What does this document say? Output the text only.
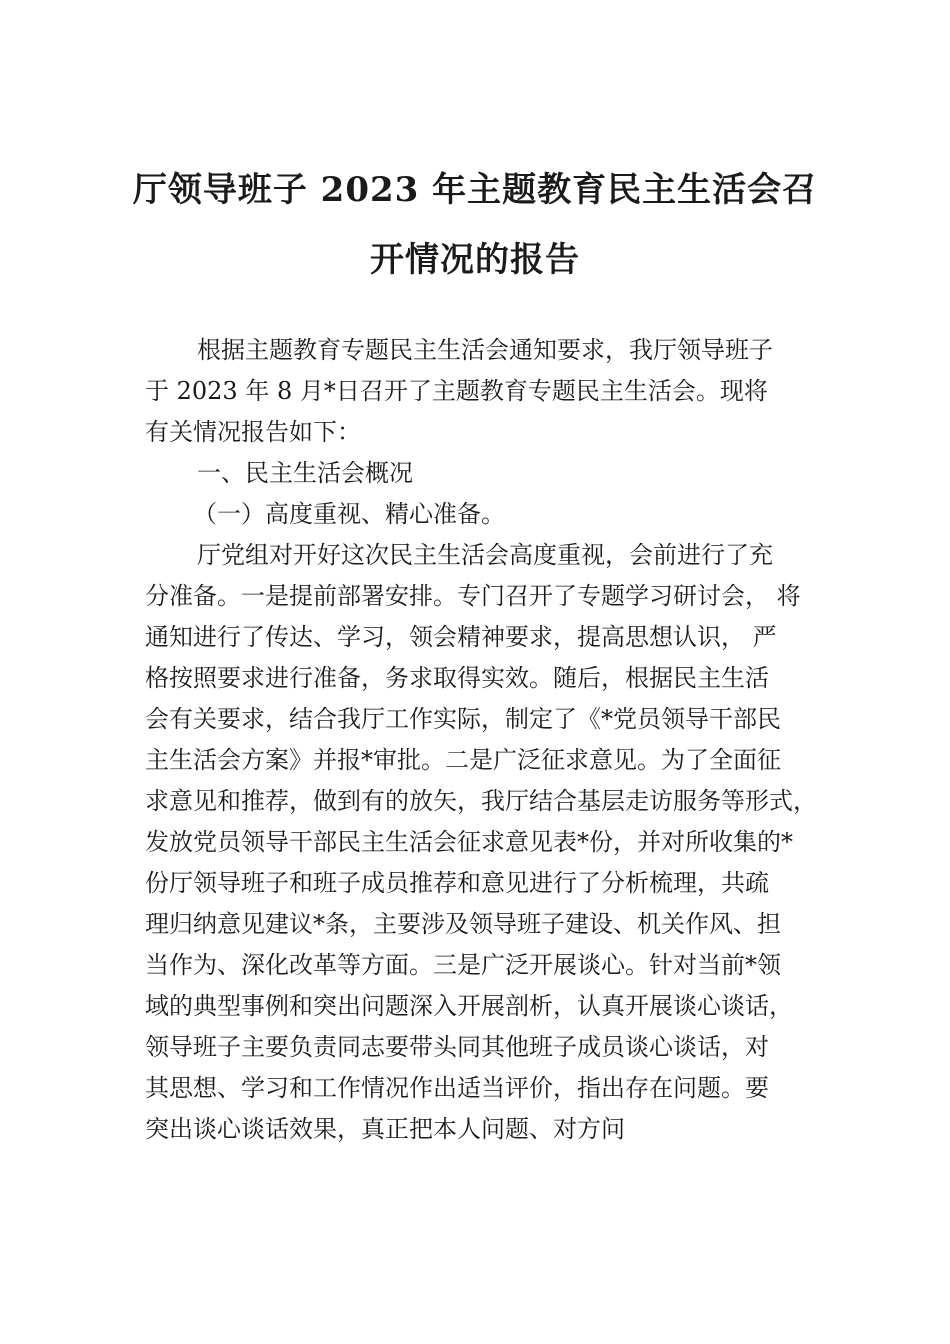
厅领导班子 2023 年主题教育民主生活会召
开情况的报告
根据主题教育专题民主生活会通知要求，我厅领导班子
于 2023 年 8 月*日召开了主题教育专题民主生活会。现将
有关情况报告如下：
一、民主生活会概况
（一）高度重视、精心准备。
厅党组对开好这次民主生活会高度重视，会前进行了充
分准备。一是提前部署安排。专门召开了专题学习研讨会， 将
通知进行了传达、学习，领会精神要求，提高思想认识， 严
格按照要求进行准备，务求取得实效。随后，根据民主生活
会有关要求，结合我厅工作实际，制定了《*党员领导干部民
主生活会方案》并报*审批。二是广泛征求意见。为了全面征
求意见和推荐，做到有的放矢，我厅结合基层走访服务等形式，
发放党员领导干部民主生活会征求意见表*份，并对所收集的*
份厅领导班子和班子成员推荐和意见进行了分析梳理，共疏
理归纳意见建议*条，主要涉及领导班子建设、机关作风、担
当作为、深化改革等方面。三是广泛开展谈心。针对当前*领
域的典型事例和突出问题深入开展剖析，认真开展谈心谈话，
领导班子主要负责同志要带头同其他班子成员谈心谈话，对
其思想、学习和工作情况作出适当评价，指出存在问题。要
突出谈心谈话效果，真正把本人问题、对方问
